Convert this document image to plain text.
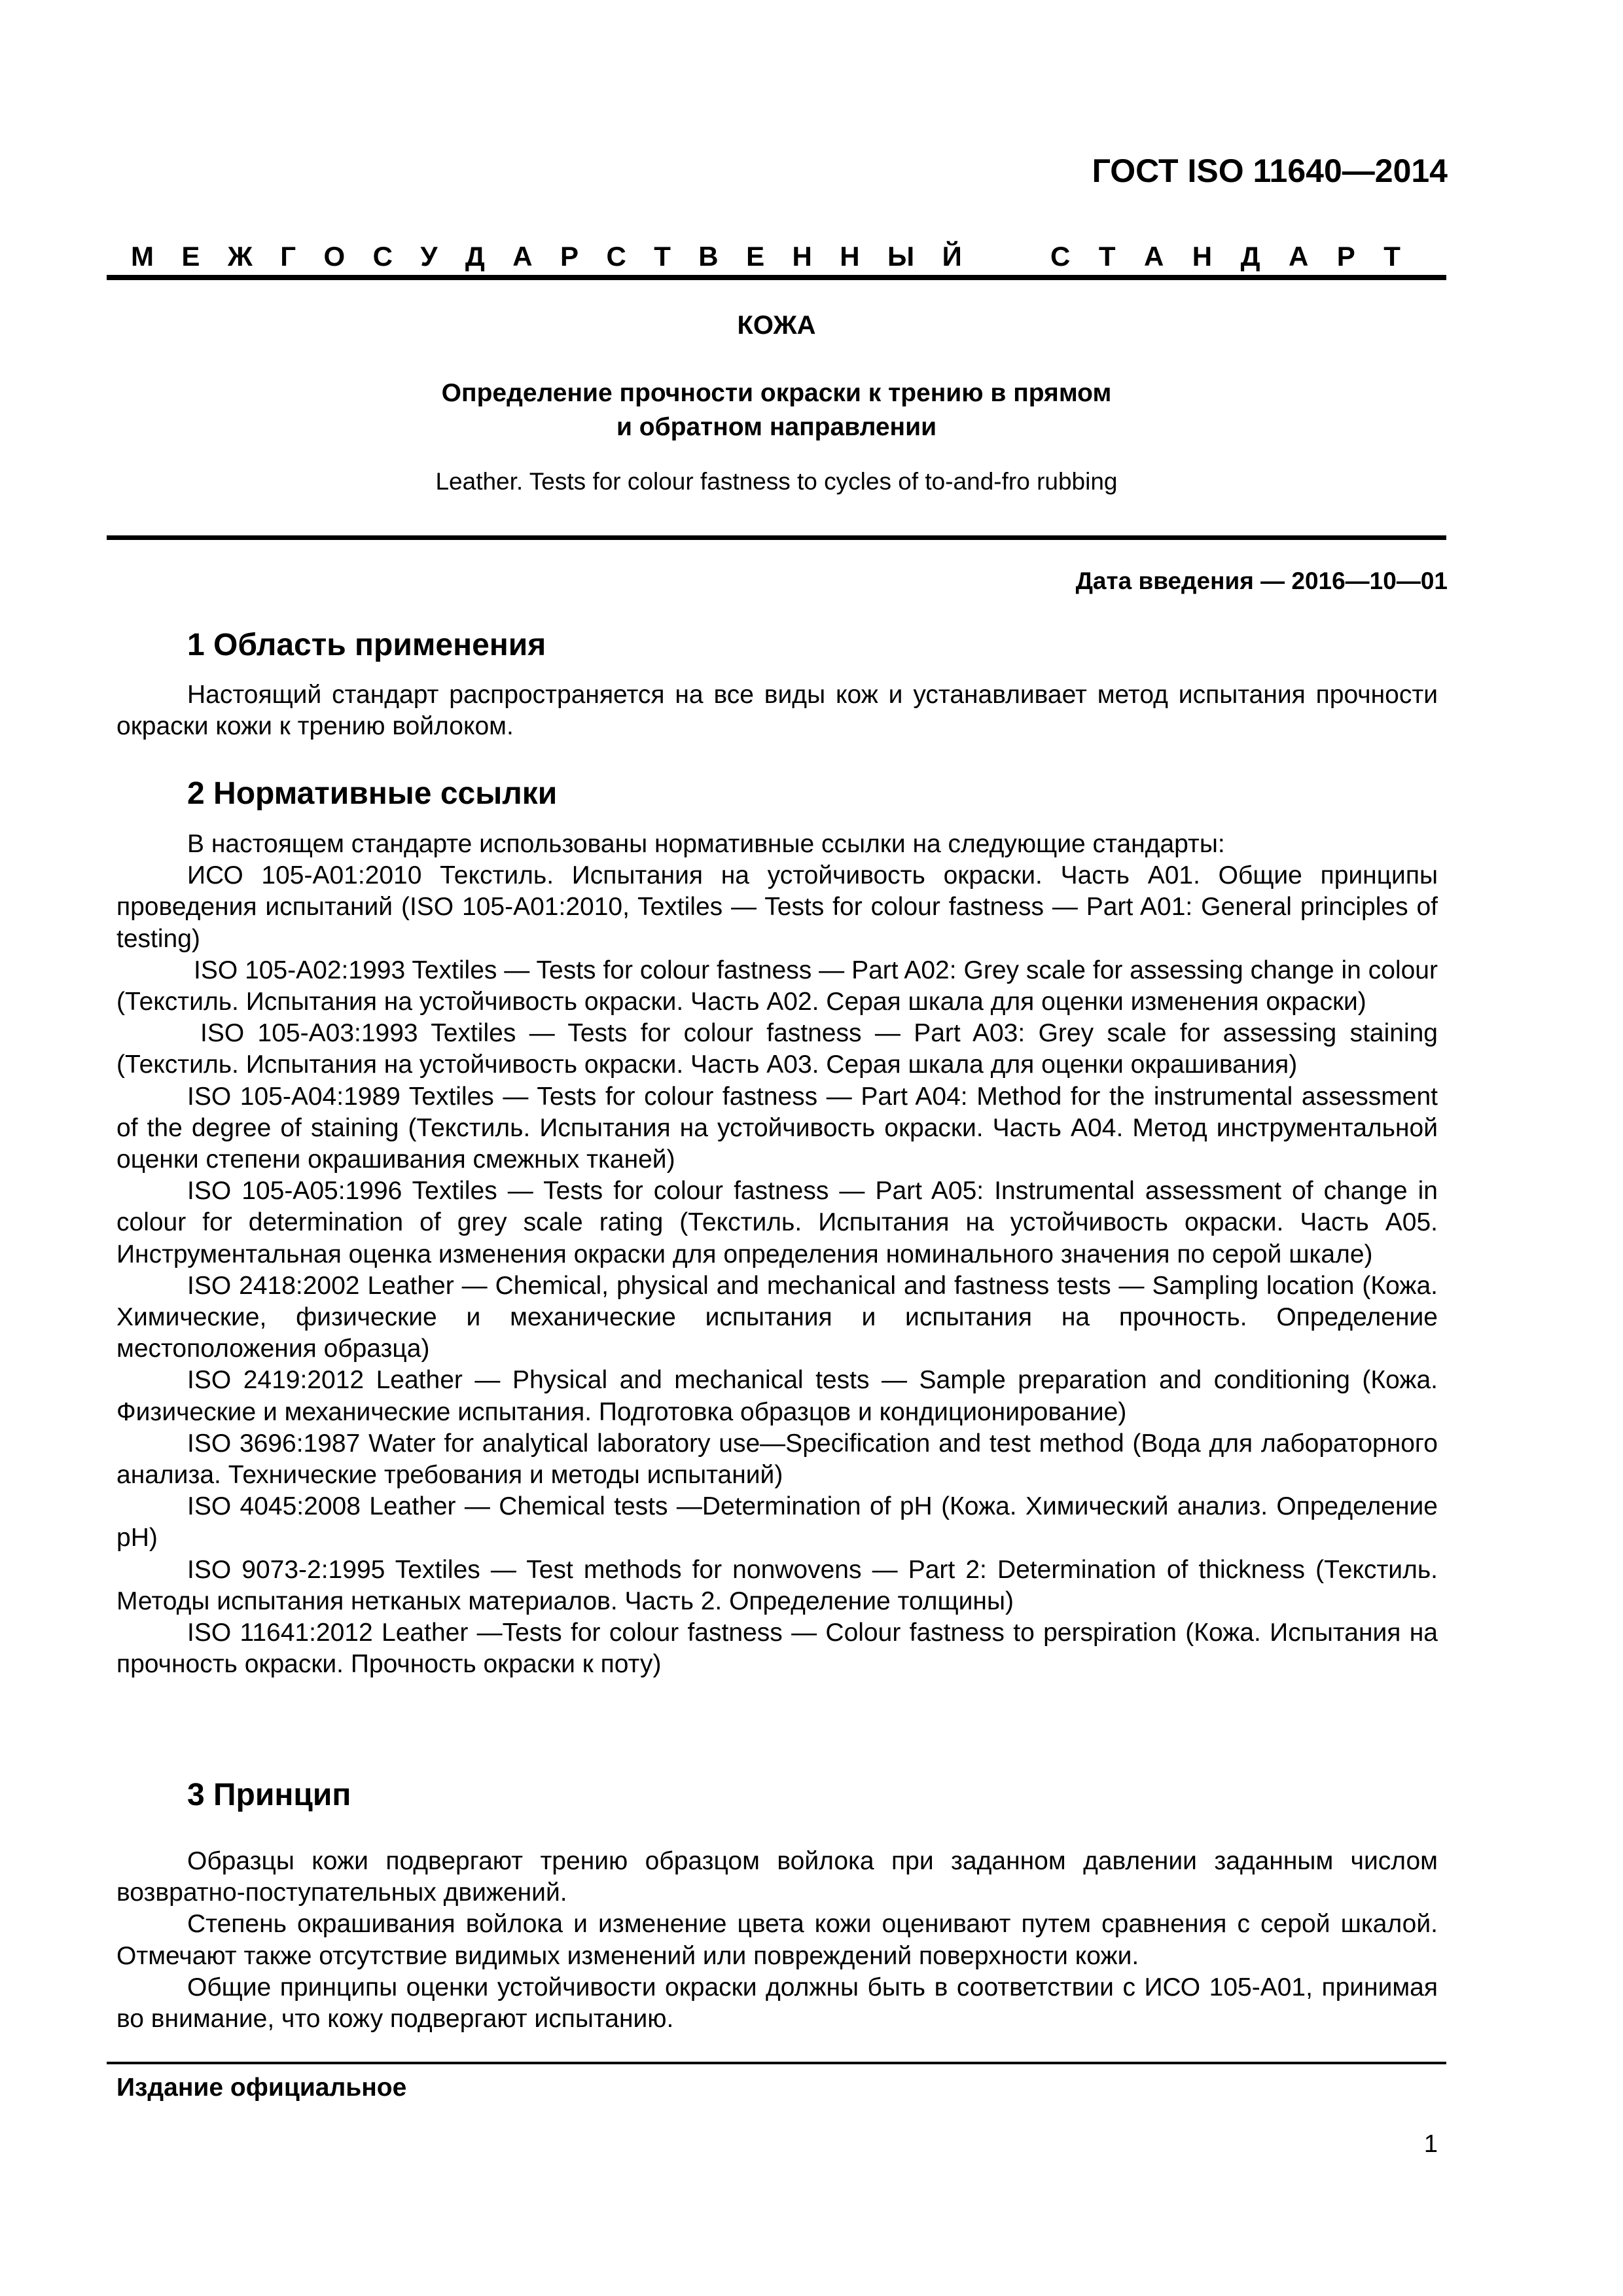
ГОСТ ISO 11640—2014
М Е Ж Г О С У Д А Р С Т В Е Н Н Ы Й	С Т А Н Д А Р Т
КОЖА
Определение прочности окраски к трению в прямом
и обратном направлении
Leather. Tests for colour fastness to cycles of to-and-fro rubbing
Дата введения — 2016—10—01
1 Область применения

Настоящий стандарт распространяется на все виды кож и устанавливает метод испытания прочности окраски кожи к трению войлоком.

2 Нормативные ссылки

В настоящем стандарте использованы нормативные ссылки на следующие стандарты:

ИСО 105-A01:2010 Текстиль. Испытания на устойчивость окраски. Часть A01. Общие принципы проведения испытаний (ISO 105-A01:2010, Textiles — Tests for colour fastness — Part A01: General principles of testing)

ISO 105-A02:1993 Textiles — Tests for colour fastness — Part A02: Grey scale for assessing change in colour (Текстиль. Испытания на устойчивость окраски. Часть A02. Серая шкала для оценки изменения окраски)

ISO 105-A03:1993 Textiles — Tests for colour fastness — Part A03: Grey scale for assessing staining (Текстиль. Испытания на устойчивость окраски. Часть A03. Серая шкала для оценки окрашивания)

ISO 105-A04:1989 Textiles — Tests for colour fastness — Part A04: Method for the instrumental assessment of the degree of staining (Текстиль. Испытания на устойчивость окраски. Часть A04. Метод инструментальной оценки степени окрашивания смежных тканей)

ISO 105-A05:1996 Textiles — Tests for colour fastness — Part A05: Instrumental assessment of change in colour for determination of grey scale rating (Текстиль. Испытания на устойчивость окраски. Часть A05. Инструментальная оценка изменения окраски для определения номинального значения по серой шкале)

ISO 2418:2002 Leather — Chemical, physical and mechanical and fastness tests — Sampling location (Кожа. Химические, физические и механические испытания и испытания на прочность. Определение местоположения образца)

ISO 2419:2012 Leather — Physical and mechanical tests — Sample preparation and conditioning (Кожа. Физические и механические испытания. Подготовка образцов и кондиционирование)

ISO 3696:1987 Water for analytical laboratory use—Specification and test method (Вода для лабораторного анализа. Технические требования и методы испытаний)

ISO 4045:2008 Leather — Chemical tests —Determination of pH (Кожа. Химический анализ. Определение pH)

ISO 9073-2:1995 Textiles — Test methods for nonwovens — Part 2: Determination of thickness (Текстиль. Методы испытания нетканых материалов. Часть 2. Определение толщины)

ISO 11641:2012 Leather —Tests for colour fastness — Colour fastness to perspiration (Кожа. Испытания на прочность окраски. Прочность окраски к поту)

3 Принцип

Образцы кожи подвергают трению образцом войлока при заданном давлении заданным числом возвратно-поступательных движений.

Степень окрашивания войлока и изменение цвета кожи оценивают путем сравнения с серой шкалой. Отмечают также отсутствие видимых изменений или повреждений поверхности кожи.

Общие принципы оценки устойчивости окраски должны быть в соответствии с ИСО 105-A01, принимая во внимание, что кожу подвергают испытанию.

Издание официальное
1
